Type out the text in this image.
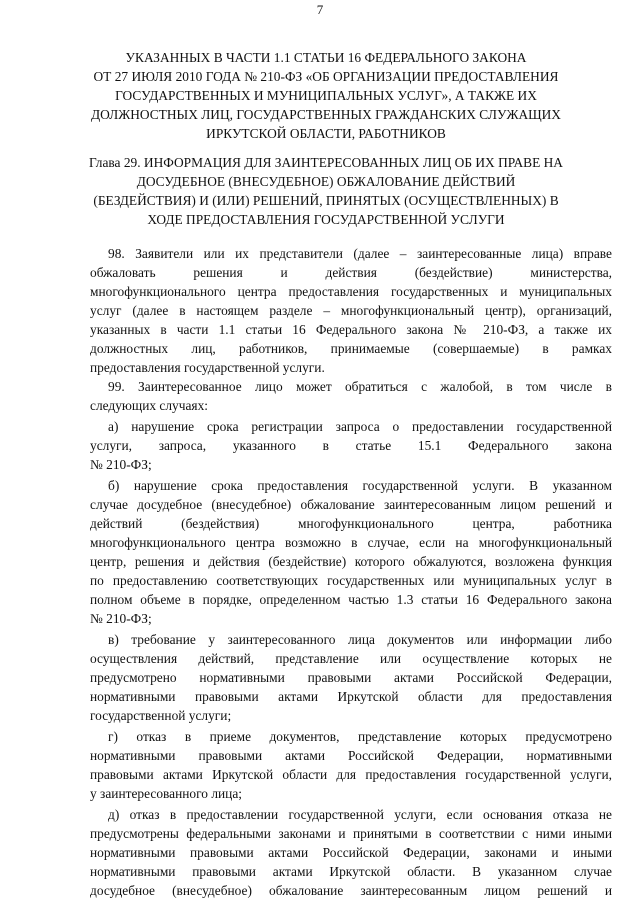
7
УКАЗАННЫХ В ЧАСТИ 1.1 СТАТЬИ 16 ФЕДЕРАЛЬНОГО ЗАКОНА
ОТ 27 ИЮЛЯ 2010 ГОДА № 210-ФЗ «ОБ ОРГАНИЗАЦИИ ПРЕДОСТАВЛЕНИЯ
ГОСУДАРСТВЕННЫХ И МУНИЦИПАЛЬНЫХ УСЛУГ», А ТАКЖЕ ИХ
ДОЛЖНОСТНЫХ ЛИЦ, ГОСУДАРСТВЕННЫХ ГРАЖДАНСКИХ СЛУЖАЩИХ
ИРКУТСКОЙ ОБЛАСТИ, РАБОТНИКОВ
Глава 29. ИНФОРМАЦИЯ ДЛЯ ЗАИНТЕРЕСОВАННЫХ ЛИЦ ОБ ИХ ПРАВЕ НА
ДОСУДЕБНОЕ (ВНЕСУДЕБНОЕ) ОБЖАЛОВАНИЕ ДЕЙСТВИЙ
(БЕЗДЕЙСТВИЯ) И (ИЛИ) РЕШЕНИЙ, ПРИНЯТЫХ (ОСУЩЕСТВЛЕННЫХ) В
ХОДЕ ПРЕДОСТАВЛЕНИЯ ГОСУДАРСТВЕННОЙ УСЛУГИ
98. Заявители или их представители (далее – заинтересованные лица) вправе
обжаловать решения и действия (бездействие) министерства,
многофункционального центра предоставления государственных и муниципальных
услуг (далее в настоящем разделе – многофункциональный центр), организаций,
указанных в части 1.1 статьи 16 Федерального закона № 210-ФЗ, а также их
должностных лиц, работников, принимаемые (совершаемые) в рамках
предоставления государственной услуги.
99. Заинтересованное лицо может обратиться с жалобой, в том числе в
следующих случаях:
а) нарушение срока регистрации запроса о предоставлении государственной
услуги, запроса, указанного в статье 15.1 Федерального закона
№ 210-ФЗ;
б) нарушение срока предоставления государственной услуги. В указанном
случае досудебное (внесудебное) обжалование заинтересованным лицом решений и
действий (бездействия) многофункционального центра, работника
многофункционального центра возможно в случае, если на многофункциональный
центр, решения и действия (бездействие) которого обжалуются, возложена функция
по предоставлению соответствующих государственных или муниципальных услуг в
полном объеме в порядке, определенном частью 1.3 статьи 16 Федерального закона
№ 210-ФЗ;
в) требование у заинтересованного лица документов или информации либо
осуществления действий, представление или осуществление которых не
предусмотрено нормативными правовыми актами Российской Федерации,
нормативными правовыми актами Иркутской области для предоставления
государственной услуги;
г) отказ в приеме документов, представление которых предусмотрено
нормативными правовыми актами Российской Федерации, нормативными
правовыми актами Иркутской области для предоставления государственной услуги,
у заинтересованного лица;
д) отказ в предоставлении государственной услуги, если основания отказа не
предусмотрены федеральными законами и принятыми в соответствии с ними иными
нормативными правовыми актами Российской Федерации, законами и иными
нормативными правовыми актами Иркутской области. В указанном случае
досудебное (внесудебное) обжалование заинтересованным лицом решений и
